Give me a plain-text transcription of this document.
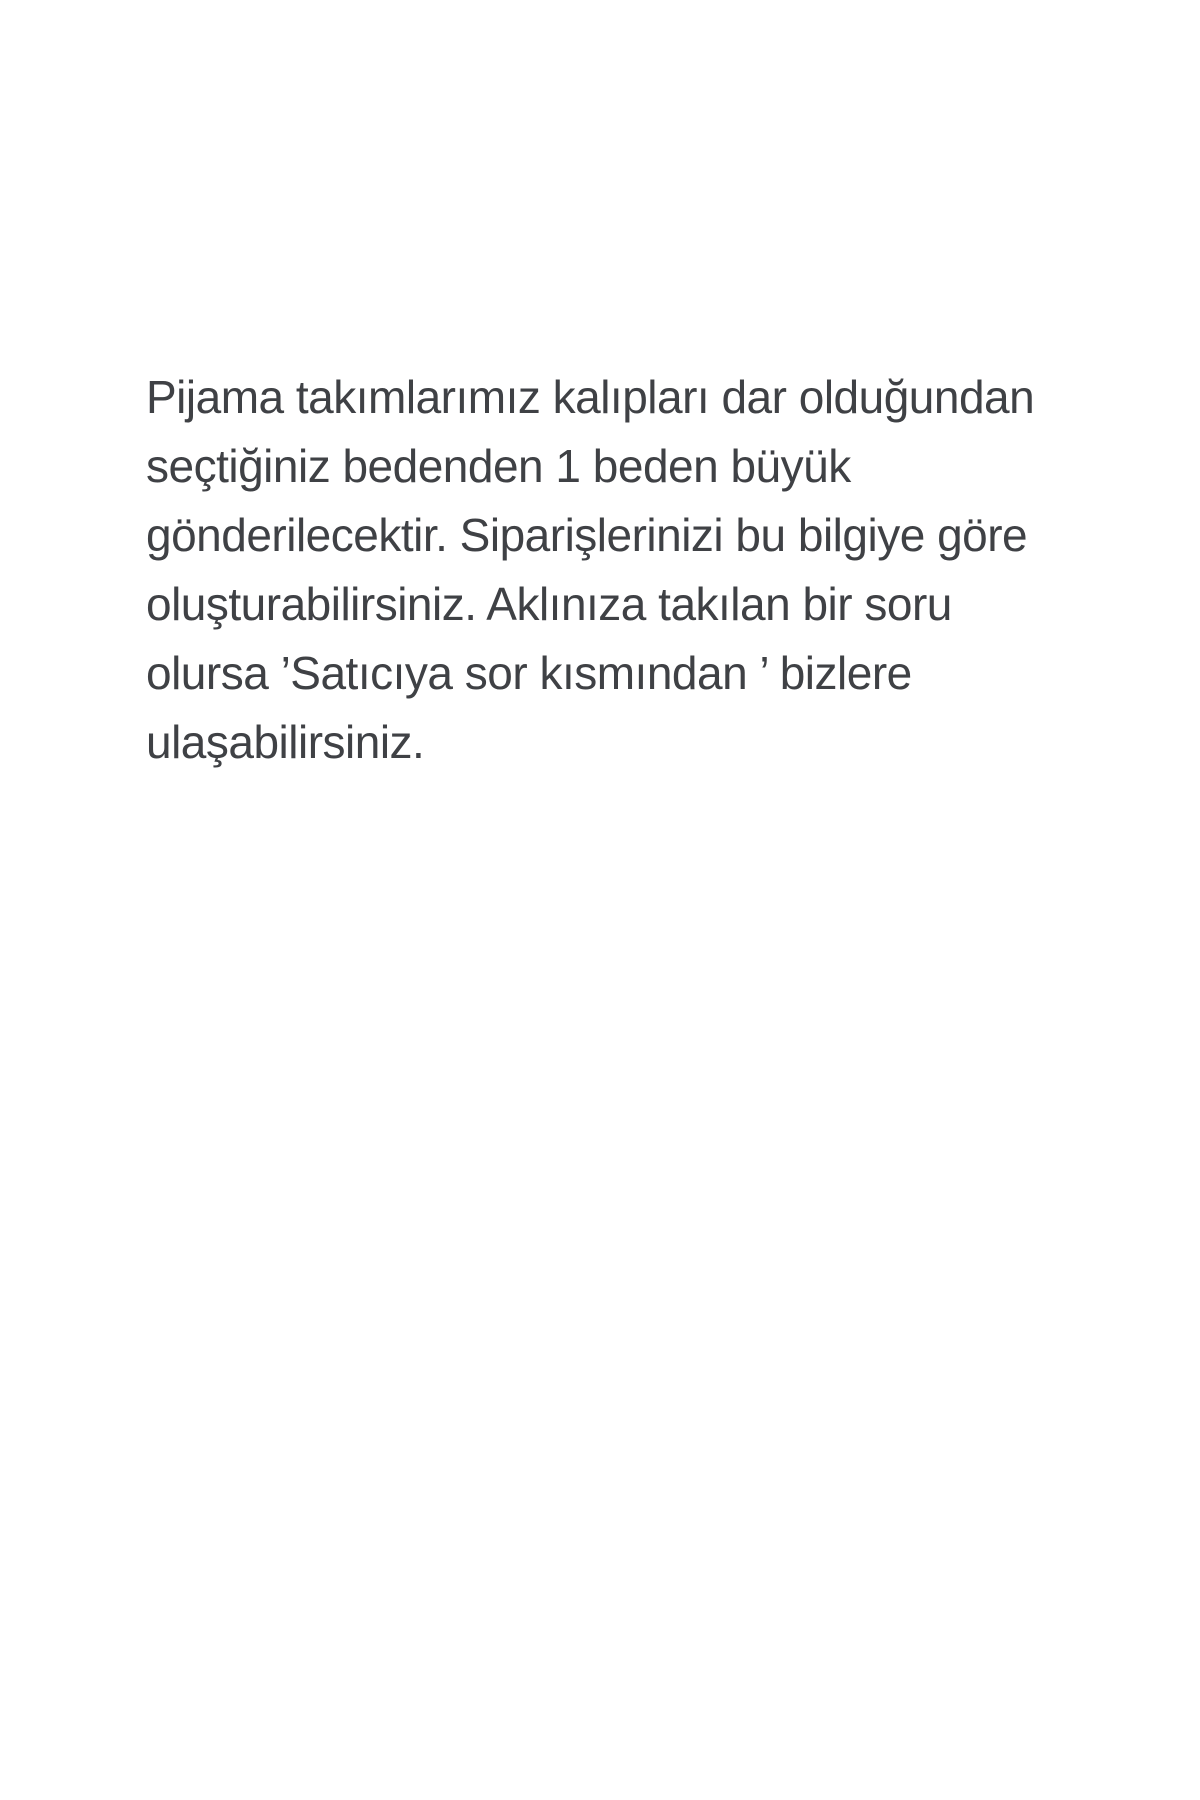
Pijama takımlarımız kalıpları dar olduğundan
seçtiğiniz bedenden 1 beden büyük
gönderilecektir. Siparişlerinizi bu bilgiye göre
oluşturabilirsiniz. Aklınıza takılan bir soru
olursa ’Satıcıya sor kısmından ’ bizlere
ulaşabilirsiniz.
